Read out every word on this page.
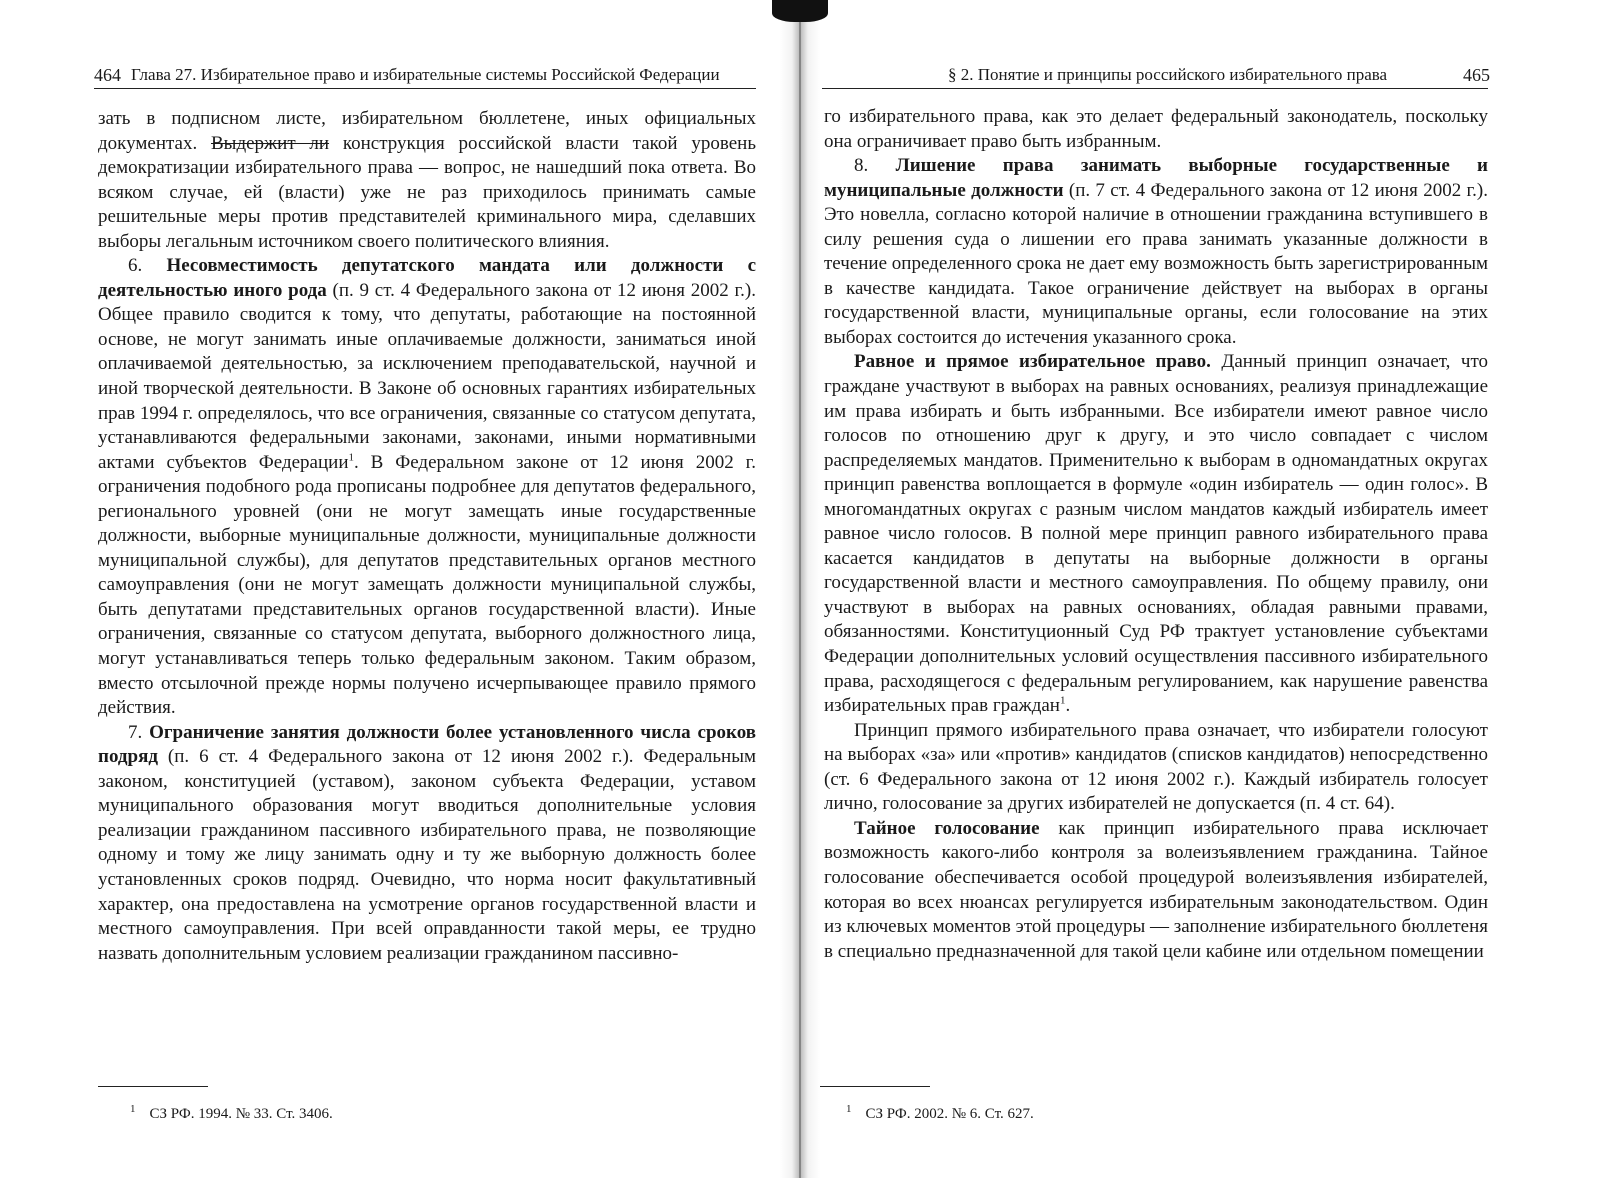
464 Глава 27. Избирательное право и избирательные системы Российской Федерации

зать в подписном листе, избирательном бюллетене, иных официальных документах. Выдержит ли конструкция российской власти такой уровень демократизации избирательного права — вопрос, не нашедший пока ответа. Во всяком случае, ей (власти) уже не раз приходилось принимать самые решительные меры против представителей криминального мира, сделавших выборы легальным источником своего политического влияния.

6. Несовместимость депутатского мандата или должности с деятельностью иного рода (п. 9 ст. 4 Федерального закона от 12 июня 2002 г.). Общее правило сводится к тому, что депутаты, работающие на постоянной основе, не могут занимать иные оплачиваемые должности, заниматься иной оплачиваемой деятельностью, за исключением преподавательской, научной и иной творческой деятельности. В Законе об основных гарантиях избирательных прав 1994 г. определялось, что все ограничения, связанные со статусом депутата, устанавливаются федеральными законами, законами, иными нормативными актами субъектов Федерации$^1$. В Федеральном законе от 12 июня 2002 г. ограничения подобного рода прописаны подробнее для депутатов федерального, регионального уровней (они не могут замещать иные государственные должности, выборные муниципальные должности, муниципальные должности муниципальной службы), для депутатов представительных органов местного самоуправления (они не могут замещать должности муниципальной службы, быть депутатами представительных органов государственной власти). Иные ограничения, связанные со статусом депутата, выборного должностного лица, могут устанавливаться теперь только федеральным законом. Таким образом, вместо отсылочной прежде нормы получено исчерпывающее правило прямого действия.

7. Ограничение занятия должности более установленного числа сроков подряд (п. 6 ст. 4 Федерального закона от 12 июня 2002 г.). Федеральным законом, конституцией (уставом), законом субъекта Федерации, уставом муниципального образования могут вводиться дополнительные условия реализации гражданином пассивного избирательного права, не позволяющие одному и тому же лицу занимать одну и ту же выборную должность более установленных сроков подряд. Очевидно, что норма носит факультативный характер, она предоставлена на усмотрение органов государственной власти и местного самоуправления. При всей оправданности такой меры, ее трудно назвать дополнительным условием реализации гражданином пассивно-

$^1$ СЗ РФ. 1994. № 33. Ст. 3406.
§ 2. Понятие и принципы российского избирательного права	465

го избирательного права, как это делает федеральный законодатель, поскольку она ограничивает право быть избранным.

8. Лишение права занимать выборные государственные и муниципальные должности (п. 7 ст. 4 Федерального закона от 12 июня 2002 г.). Это новелла, согласно которой наличие в отношении гражданина вступившего в силу решения суда о лишении его права занимать указанные должности в течение определенного срока не дает ему возможность быть зарегистрированным в качестве кандидата. Такое ограничение действует на выборах в органы государственной власти, муниципальные органы, если голосование на этих выборах состоится до истечения указанного срока.

Равное и прямое избирательное право. Данный принцип означает, что граждане участвуют в выборах на равных основаниях, реализуя принадлежащие им права избирать и быть избранными. Все избиратели имеют равное число голосов по отношению друг к другу, и это число совпадает с числом распределяемых мандатов. Применительно к выборам в одномандатных округах принцип равенства воплощается в формуле «один избиратель — один голос». В многомандатных округах с разным числом мандатов каждый избиратель имеет равное число голосов. В полной мере принцип равного избирательного права касается кандидатов в депутаты на выборные должности в органы государственной власти и местного самоуправления. По общему правилу, они участвуют в выборах на равных основаниях, обладая равными правами, обязанностями. Конституционный Суд РФ трактует установление субъектами Федерации дополнительных условий осуществления пассивного избирательного права, расходящегося с федеральным регулированием, как нарушение равенства избирательных прав граждан$^1$.

Принцип прямого избирательного права означает, что избиратели голосуют на выборах «за» или «против» кандидатов (списков кандидатов) непосредственно (ст. 6 Федерального закона от 12 июня 2002 г.). Каждый избиратель голосует лично, голосование за других избирателей не допускается (п. 4 ст. 64).

Тайное голосование как принцип избирательного права исключает возможность какого-либо контроля за волеизъявлением гражданина. Тайное голосование обеспечивается особой процедурой волеизъявления избирателей, которая во всех нюансах регулируется избирательным законодательством. Один из ключевых моментов этой процедуры — заполнение избирательного бюллетеня в специально предназначенной для такой цели кабине или отдельном помещении

$^1$ СЗ РФ. 2002. № 6. Ст. 627.
